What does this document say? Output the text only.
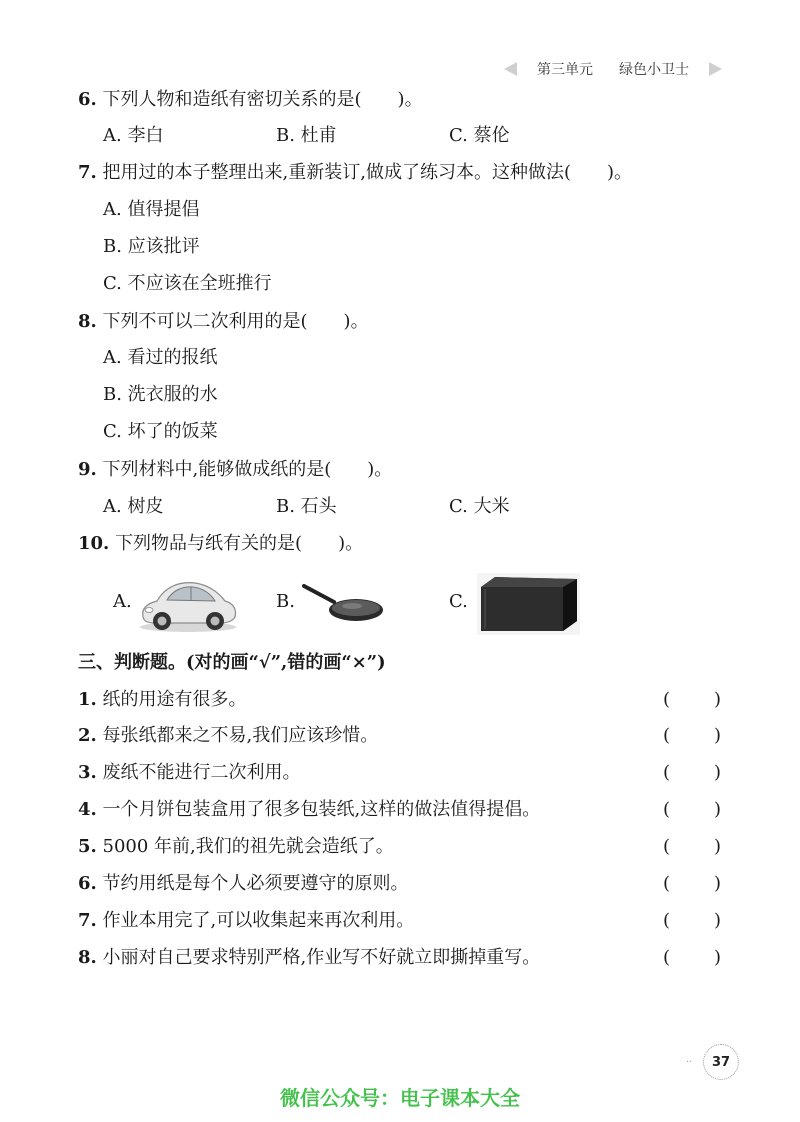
第三单元 绿色小卫士
6. 下列人物和造纸有密切关系的是(　　)。
A. 李白	B. 杜甫	C. 蔡伦
7. 把用过的本子整理出来,重新装订,做成了练习本。这种做法(　　)。
A. 值得提倡
B. 应该批评
C. 不应该在全班推行
8. 下列不可以二次利用的是(　　)。
A. 看过的报纸
B. 洗衣服的水
C. 坏了的饭菜
9. 下列材料中,能够做成纸的是(　　)。
A. 树皮	B. 石头	C. 大米
10. 下列物品与纸有关的是(　　)。
A.	B.	C.
三、判断题。(对的画“√”,错的画“×”)
1. 纸的用途有很多。	( )
2. 每张纸都来之不易,我们应该珍惜。	( )
3. 废纸不能进行二次利用。	( )
4. 一个月饼包装盒用了很多包装纸,这样的做法值得提倡。	( )
5. 5000 年前,我们的祖先就会造纸了。	( )
6. 节约用纸是每个人必须要遵守的原则。	( )
7. 作业本用完了,可以收集起来再次利用。	( )
8. 小丽对自己要求特别严格,作业写不好就立即撕掉重写。	( )
··	37
微信公众号：电子课本大全
